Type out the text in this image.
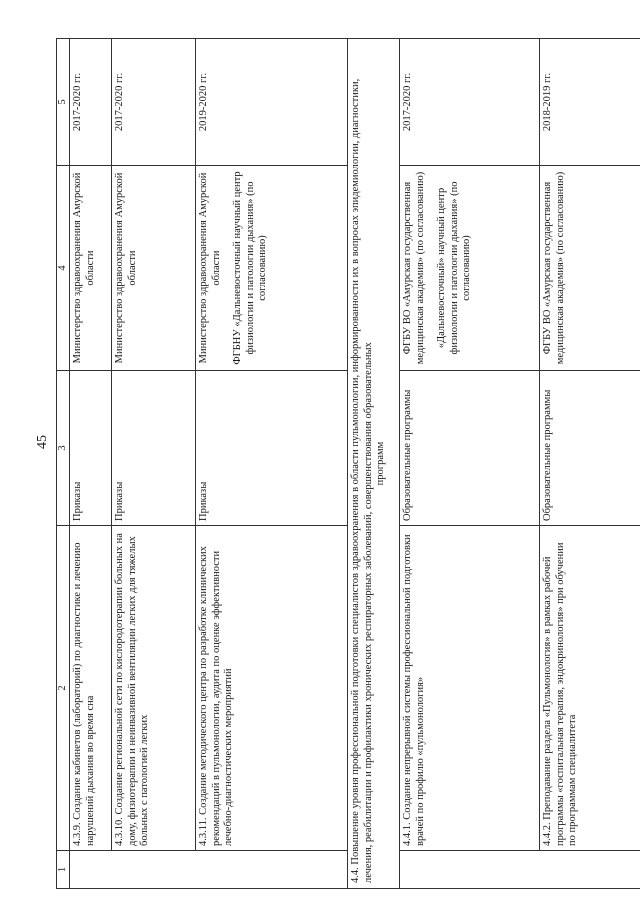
45
1	2	3	4	5
	4.3.9. Создание кабинетов (лабораторий) по диагностике и лечению нарушений дыхания во время сна	Приказы	Министерство здравоохранения Амурской области	2017-2020 гг.
	4.3.10. Создание региональной сети по кислородотерапии больных на дому, физиотерапии и неинвазивной вентиляции легких для тяжелых больных с патологией легких	Приказы	Министерство здравоохранения Амурской области	2017-2020 гг.
	4.3.11. Создание методического центра по разработке клинических рекомендаций в пульмонологии, аудита по оценке эффективности лечебно-диагностических мероприятий	Приказы	Министерство здравоохранения Амурской области ФГБНУ «Дальневосточный научный центр физиологии и патологии дыхания» (по согласованию)	2019-2020 гг.
4.4. Повышение уровня профессиональной подготовки специалистов здравоохранения в области пульмонологии, информированности их в вопросах эпидемиологии, диагностики, лечения, реабилитации и профилактики хронических респираторных заболеваний, совершенствования образовательных программ				

	4.4.1. Создание непрерывной системы профессиональной подготовки врачей по профилю «пульмонология»	Образовательные программы	ФГБУ ВО «Амурская государственная медицинская академия» (по согласованию) «Дальневосточный» научный центр физиологии и патологии дыхания» (по согласованию)	2017-2020 гг.
	4.4.2. Преподавание раздела «Пульмонология» в рамках рабочей программы «госпитальная терапия, эндокринология» при обучении по программам специалитета	Образовательные программы	ФГБУ ВО «Амурская государственная медицинская академия» (по согласованию)	2018-2019 гг.
